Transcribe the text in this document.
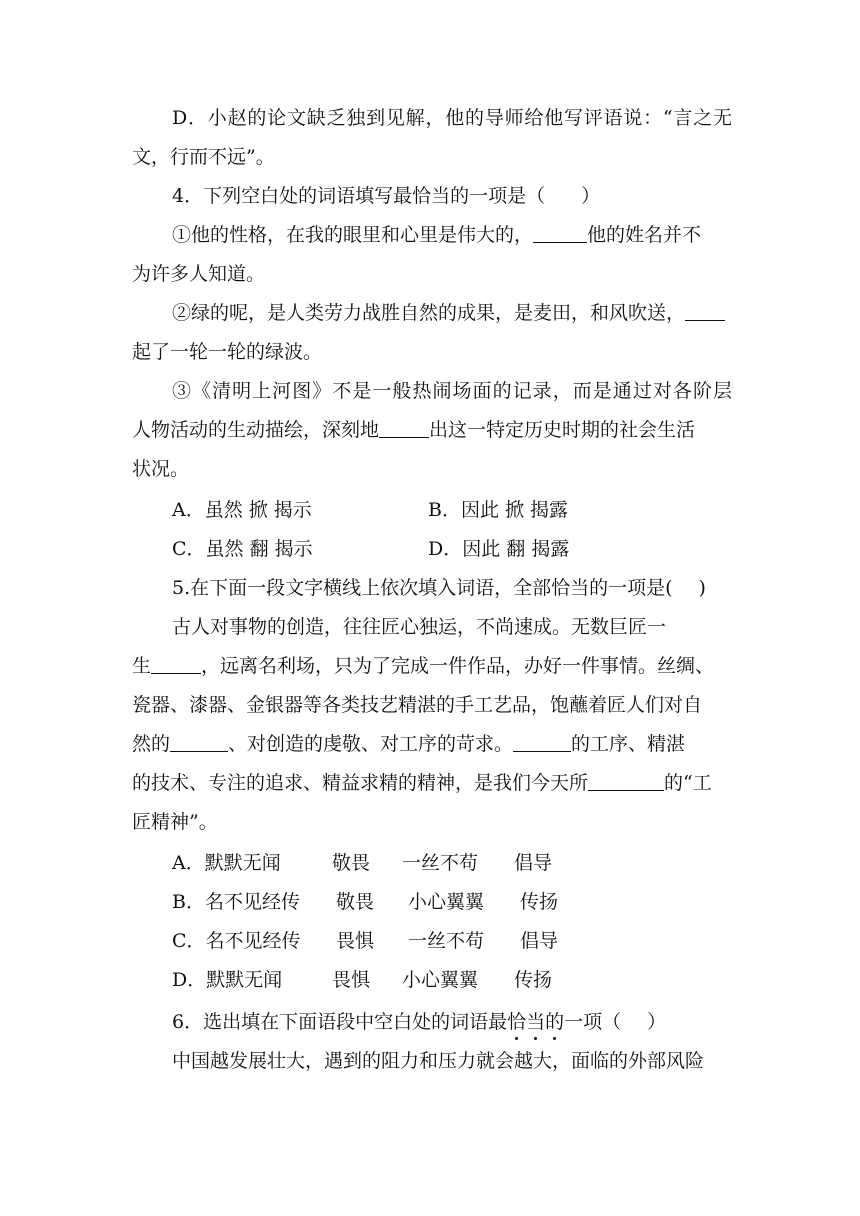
D．小赵的论文缺乏独到见解，他的导师给他写评语说：“言之无
文，行而不远”。
4．下列空白处的词语填写最恰当的一项是（ ）
①他的性格，在我的眼里和心里是伟大的，	他的姓名并不
为许多人知道。
②绿的呢，是人类劳力战胜自然的成果，是麦田，和风吹送，
起了一轮一轮的绿波。
③《清明上河图》不是一般热闹场面的记录，而是通过对各阶层
人物活动的生动描绘，深刻地	出这一特定历史时期的社会生活
状况。
A．虽然 掀 揭示	B．因此 掀 揭露
C．虽然 翻 揭示	D．因此 翻 揭露
5.在下面一段文字横线上依次填入词语，全部恰当的一项是( )
古人对事物的创造，往往匠心独运，不尚速成。无数巨匠一
生	，远离名利场，只为了完成一件作品，办好一件事情。丝绸、
瓷器、漆器、金银器等各类技艺精湛的手工艺品，饱蘸着匠人们对自
然的	、对创造的虔敬、对工序的苛求。	的工序、精湛
的技术、专注的追求、精益求精的精神，是我们今天所	的“工
匠精神”。
A．默默无闻	敬畏 一丝不苟 倡导
B．名不见经传 敬畏 小心翼翼 传扬
C．名不见经传 畏惧 一丝不苟 倡导
D．默默无闻	畏惧 小心翼翼 传扬
6．选出填在下面语段中空白处的词语最恰当的一项（ ）
中国越发展壮大，遇到的阻力和压力就会越大，面临的外部风险
